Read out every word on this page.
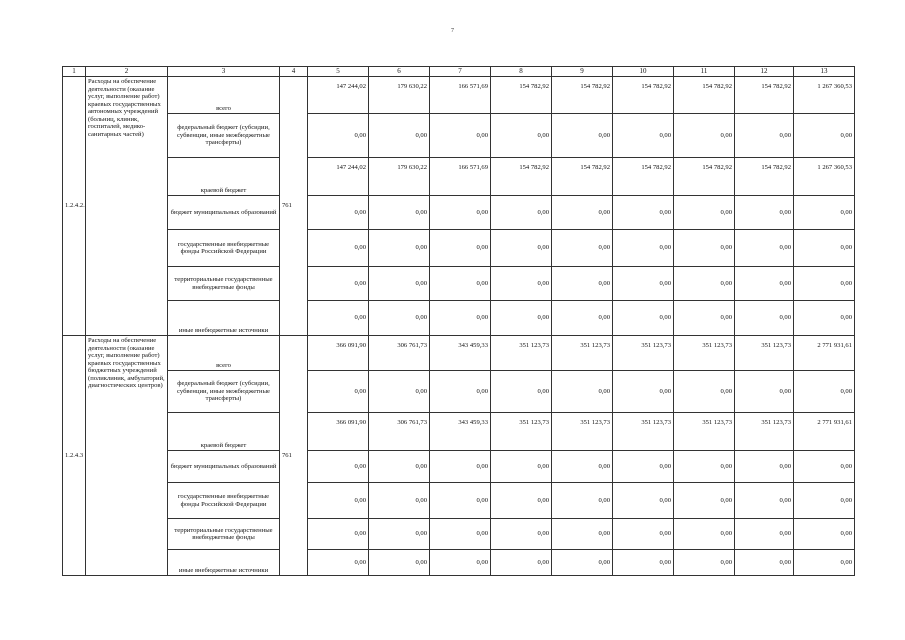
7
1	2	3	4	5	6	7	8	9	10	11	12	13
1.2.4.2.	Расходы на обеспечение деятельности (оказание услуг, выполнение работ) краевых государственных автономных учреждений (больниц, клиник, госпиталей, медико-санитарных частей)	всего	761	147 244,02	179 630,22	166 571,69	154 782,92	154 782,92	154 782,92	154 782,92	154 782,92	1 267 360,53
		федеральный бюджет (субсидии, субвенции, иные межбюджетные трансферты)		0,00	0,00	0,00	0,00	0,00	0,00	0,00	0,00	0,00
		краевой бюджет		147 244,02	179 630,22	166 571,69	154 782,92	154 782,92	154 782,92	154 782,92	154 782,92	1 267 360,53
		бюджет муниципальных образований		0,00	0,00	0,00	0,00	0,00	0,00	0,00	0,00	0,00
		государственные внебюджетные фонды Российской Федерации		0,00	0,00	0,00	0,00	0,00	0,00	0,00	0,00	0,00
		территориальные государственные внебюджетные фонды		0,00	0,00	0,00	0,00	0,00	0,00	0,00	0,00	0,00
		иные внебюджетные источники		0,00	0,00	0,00	0,00	0,00	0,00	0,00	0,00	0,00
1.2.4.3	Расходы на обеспечение деятельности (оказание услуг, выполнение работ) краевых государственных бюджетных учреждений (поликлиник, амбулаторий, диагностических центров)	всего	761	366 091,90	306 761,73	343 459,33	351 123,73	351 123,73	351 123,73	351 123,73	351 123,73	2 771 931,61
		федеральный бюджет (субсидии, субвенции, иные межбюджетные трансферты)		0,00	0,00	0,00	0,00	0,00	0,00	0,00	0,00	0,00
		краевой бюджет		366 091,90	306 761,73	343 459,33	351 123,73	351 123,73	351 123,73	351 123,73	351 123,73	2 771 931,61
		бюджет муниципальных образований		0,00	0,00	0,00	0,00	0,00	0,00	0,00	0,00	0,00
		государственные внебюджетные фонды Российской Федерации		0,00	0,00	0,00	0,00	0,00	0,00	0,00	0,00	0,00
		территориальные государственные внебюджетные фонды		0,00	0,00	0,00	0,00	0,00	0,00	0,00	0,00	0,00
		иные внебюджетные источники		0,00	0,00	0,00	0,00	0,00	0,00	0,00	0,00	0,00
